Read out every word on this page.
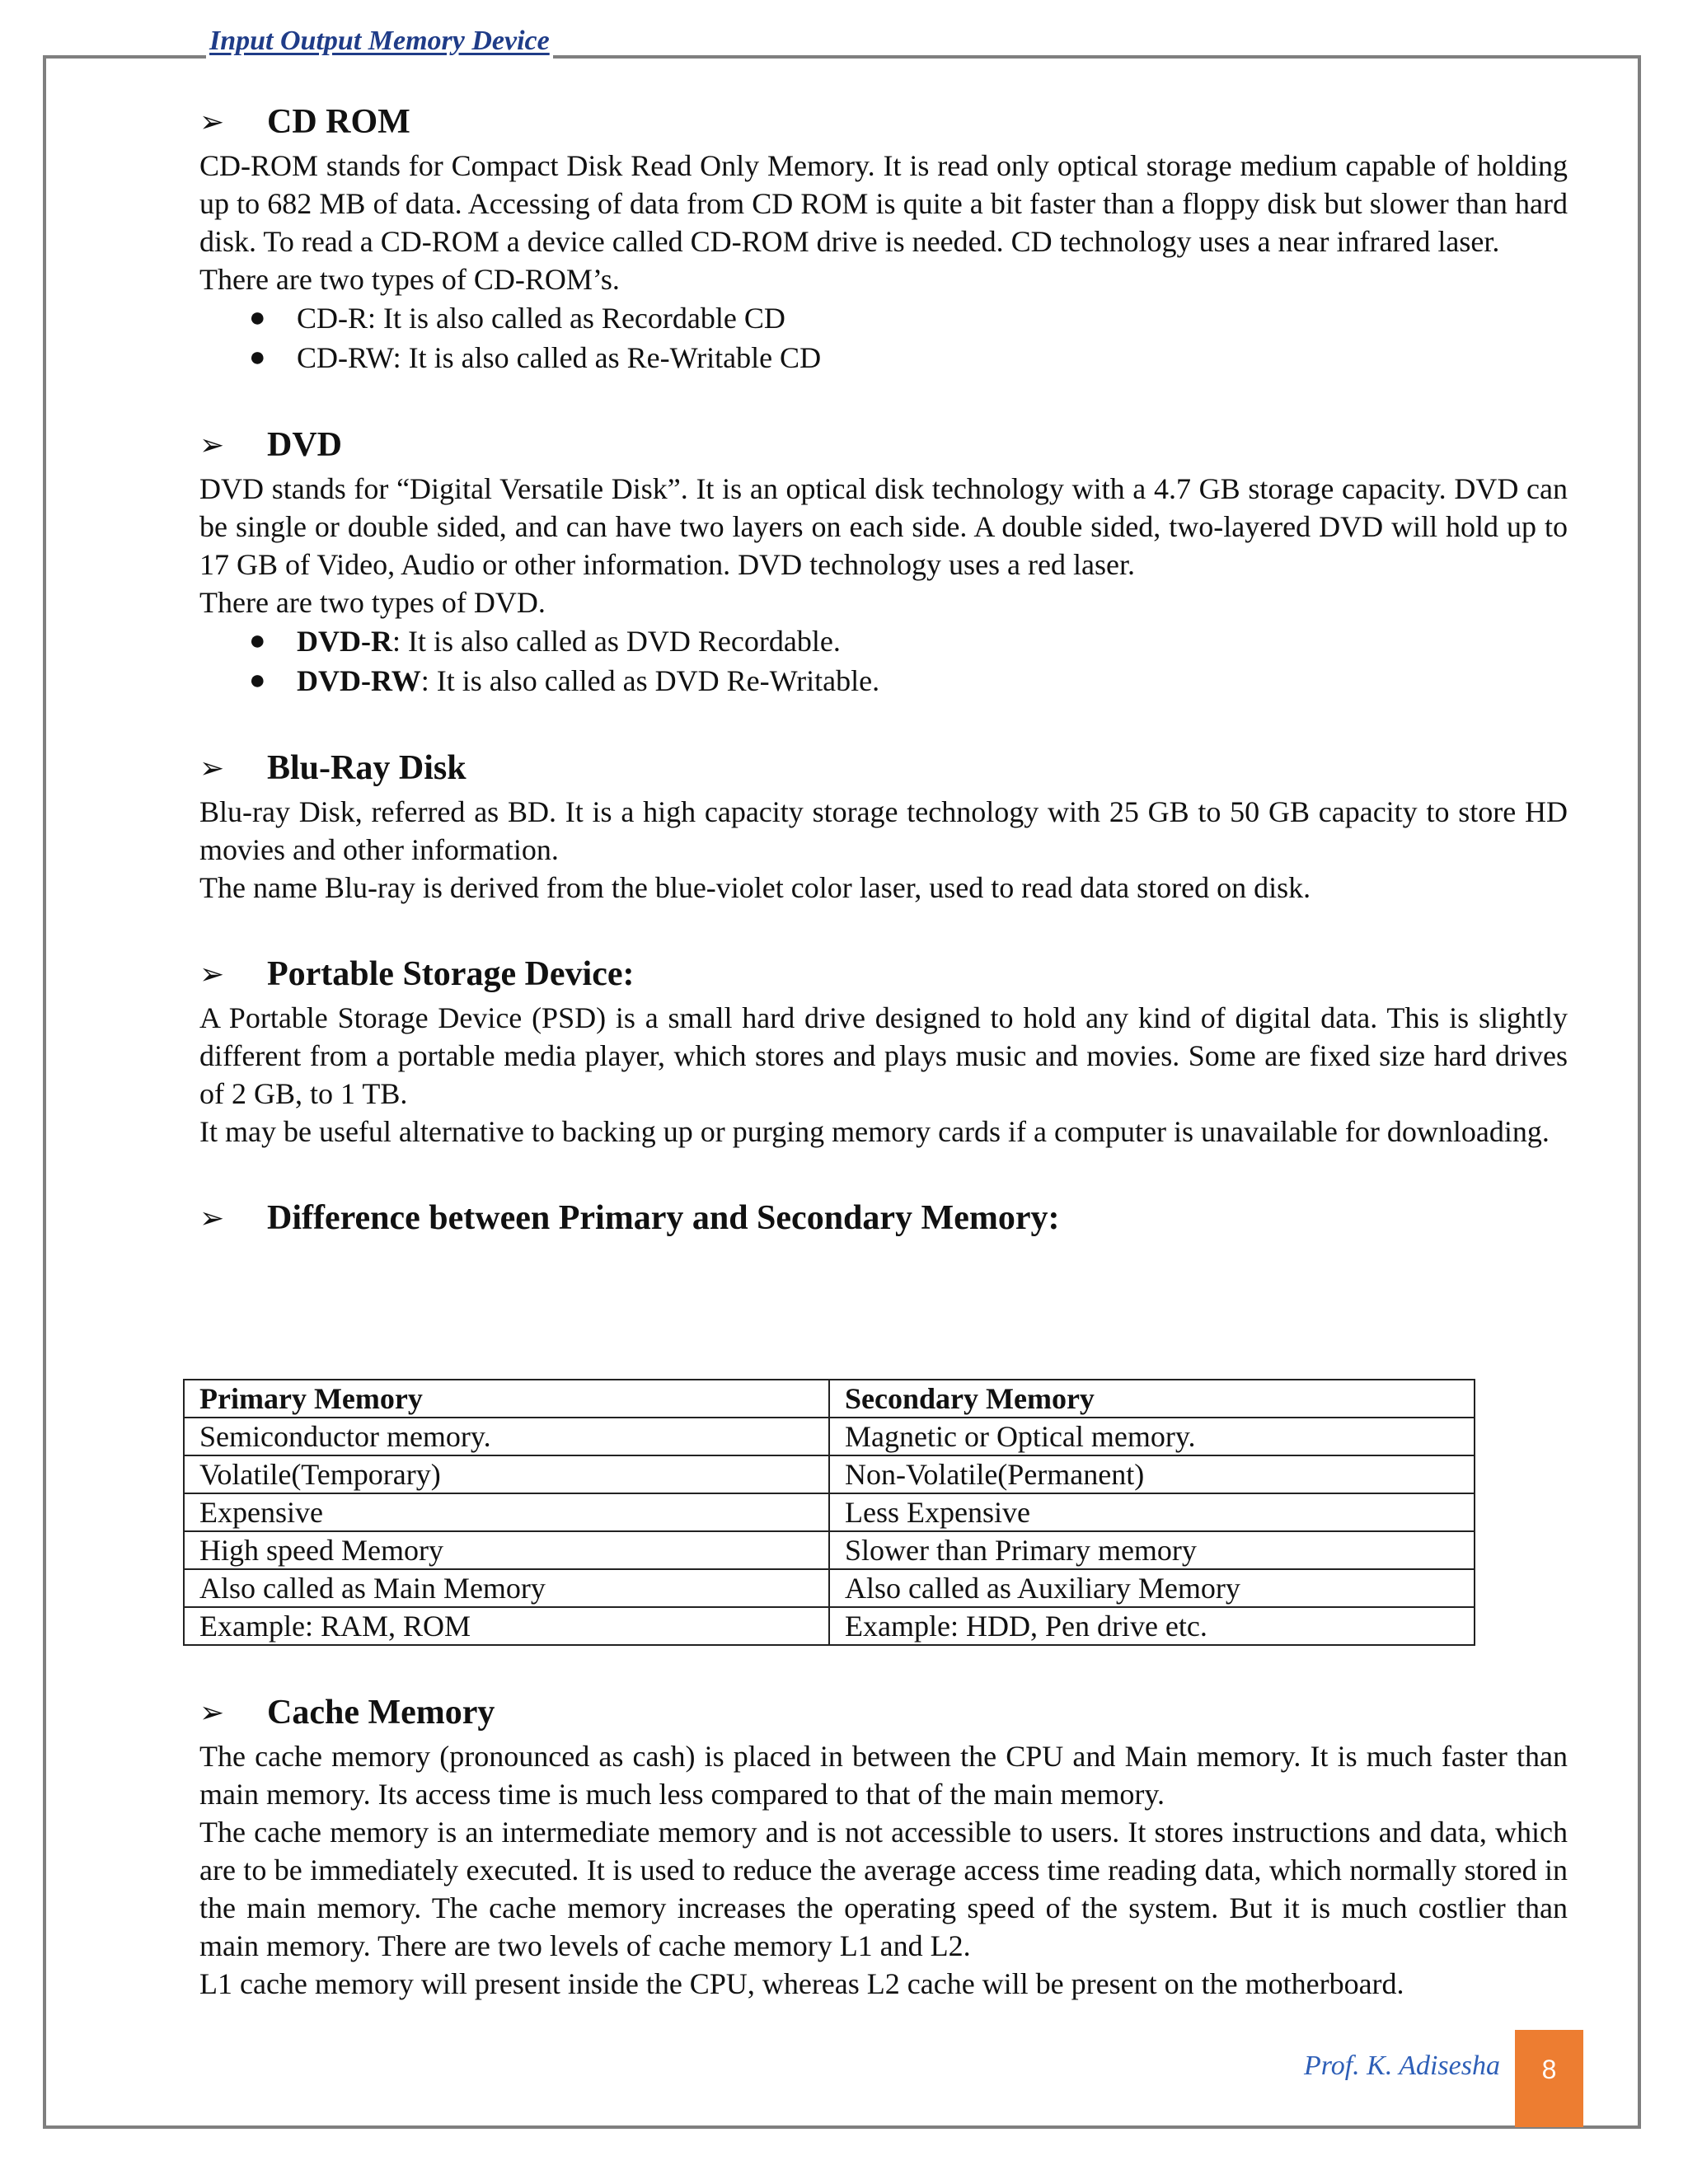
Input Output Memory Device
➢	CD ROM

CD-ROM stands for Compact Disk Read Only Memory. It is read only optical storage medium capable of holding up to 682 MB of data. Accessing of data from CD ROM is quite a bit faster than a floppy disk but slower than hard disk. To read a CD-ROM a device called CD-ROM drive is needed. CD technology uses a near infrared laser.

There are two types of CD-ROM’s.

● CD-R: It is also called as Recordable CD
● CD-RW: It is also called as Re-Writable CD
➢	DVD

DVD stands for “Digital Versatile Disk”. It is an optical disk technology with a 4.7 GB storage capacity. DVD can be single or double sided, and can have two layers on each side. A double sided, two-layered DVD will hold up to 17 GB of Video, Audio or other information. DVD technology uses a red laser.

There are two types of DVD.

● DVD-R: It is also called as DVD Recordable.
● DVD-RW: It is also called as DVD Re-Writable.
➢	Blu-Ray Disk

Blu-ray Disk, referred as BD. It is a high capacity storage technology with 25 GB to 50 GB capacity to store HD movies and other information.

The name Blu-ray is derived from the blue-violet color laser, used to read data stored on disk.

➢	Portable Storage Device:

A Portable Storage Device (PSD) is a small hard drive designed to hold any kind of digital data. This is slightly different from a portable media player, which stores and plays music and movies. Some are fixed size hard drives of 2 GB, to 1 TB.

It may be useful alternative to backing up or purging memory cards if a computer is unavailable for downloading.

➢	Difference between Primary and Secondary Memory:
Primary Memory	Secondary Memory
Semiconductor memory.	Magnetic or Optical memory.
Volatile(Temporary)	Non-Volatile(Permanent)
Expensive	Less Expensive
High speed Memory	Slower than Primary memory
Also called as Main Memory	Also called as Auxiliary Memory
Example: RAM, ROM	Example: HDD, Pen drive etc.
➢	Cache Memory

The cache memory (pronounced as cash) is placed in between the CPU and Main memory. It is much faster than main memory. Its access time is much less compared to that of the main memory.

The cache memory is an intermediate memory and is not accessible to users. It stores instructions and data, which are to be immediately executed. It is used to reduce the average access time reading data, which normally stored in the main memory. The cache memory increases the operating speed of the system. But it is much costlier than main memory. There are two levels of cache memory L1 and L2.

L1 cache memory will present inside the CPU, whereas L2 cache will be present on the motherboard.

Prof. K. Adisesha	8
